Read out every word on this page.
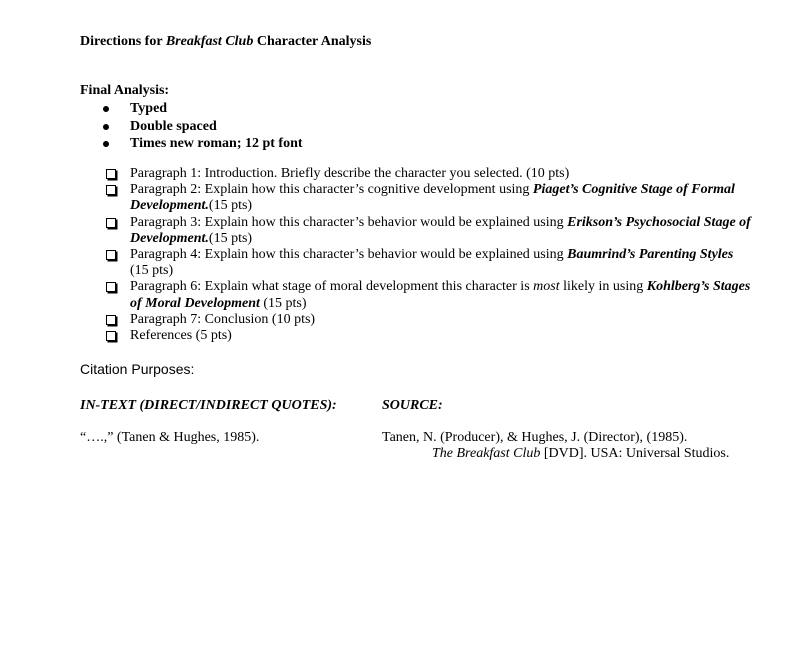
Directions for Breakfast Club Character Analysis
Final Analysis:
Typed
Double spaced
Times new roman; 12 pt font
Paragraph 1: Introduction. Briefly describe the character you selected. (10 pts)
Paragraph 2: Explain how this character’s cognitive development using Piaget’s Cognitive Stage of Formal Development.(15 pts)
Paragraph 3: Explain how this character’s behavior would be explained using Erikson’s Psychosocial Stage of Development.(15 pts)
Paragraph 4: Explain how this character’s behavior would be explained using Baumrind’s Parenting Styles (15 pts)
Paragraph 6: Explain what stage of moral development this character is most likely in using Kohlberg’s Stages of Moral Development (15 pts)
Paragraph 7: Conclusion (10 pts)
References (5 pts)
Citation Purposes:
IN-TEXT (DIRECT/INDIRECT QUOTES):	SOURCE:
“….,” (Tanen & Hughes, 1985).	Tanen, N. (Producer), & Hughes, J. (Director), (1985).
The Breakfast Club [DVD]. USA: Universal Studios.
